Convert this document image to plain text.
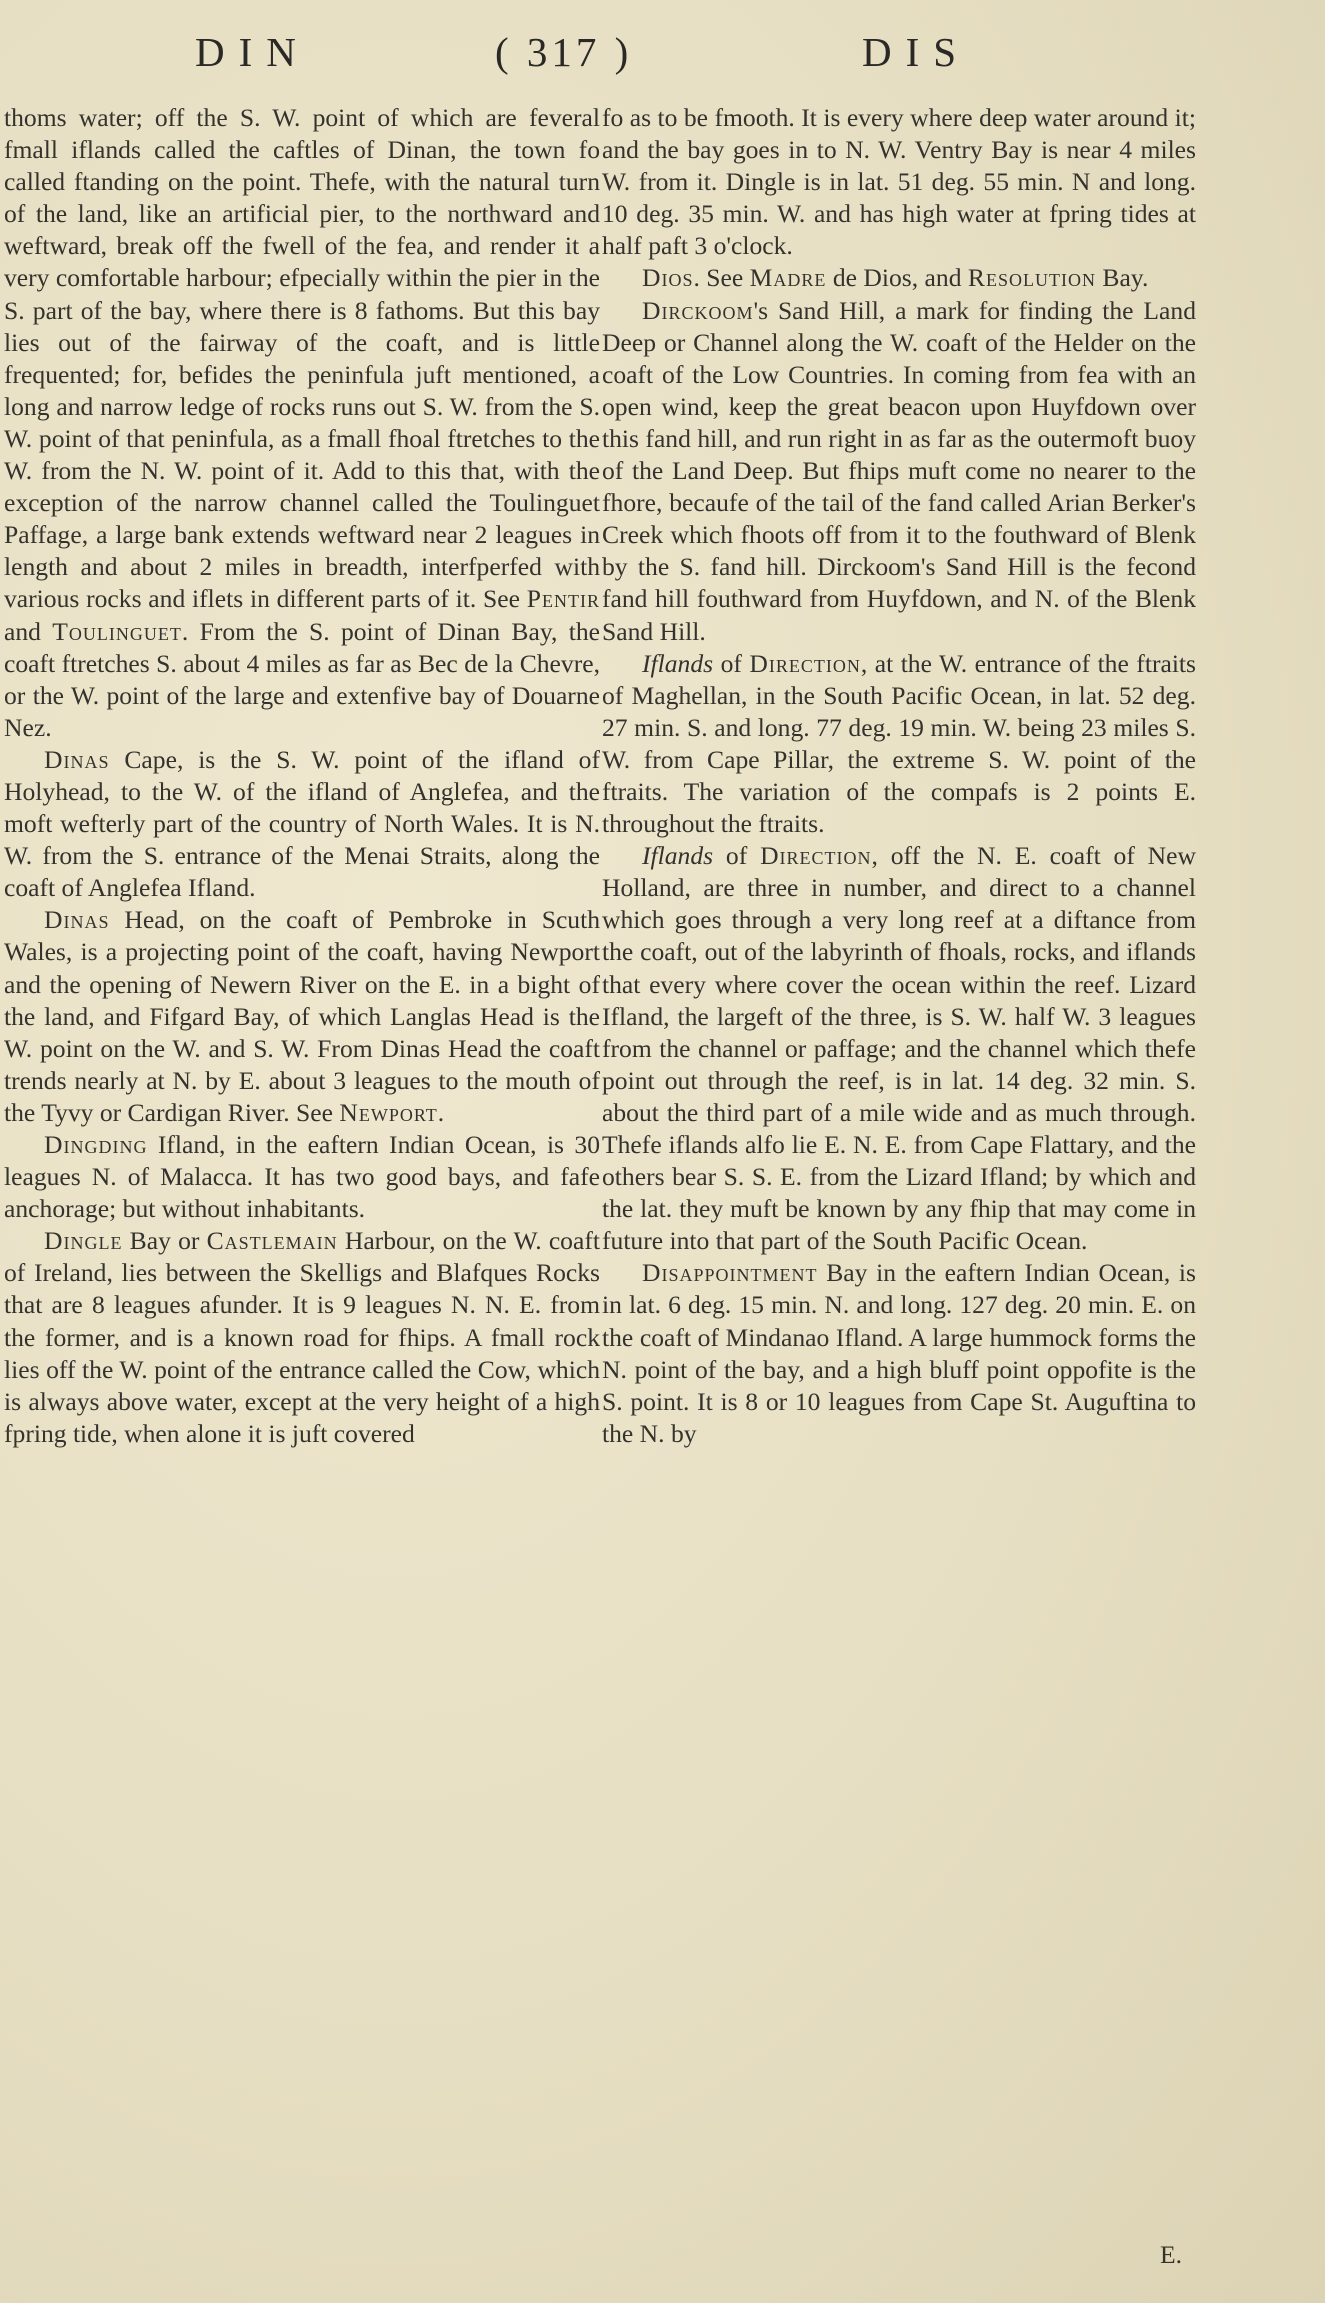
DIN	( 317 )	DIS

thoms water; off the S. W. point of which are feveral fmall iflands called the caftles of Dinan, the town fo called ftanding on the point. Thefe, with the natural turn of the land, like an artificial pier, to the northward and weftward, break off the fwell of the fea, and render it a very comfortable harbour; efpecially within the pier in the S. part of the bay, where there is 8 fathoms. But this bay lies out of the fairway of the coaft, and is little frequented; for, befides the peninfula juft mentioned, a long and narrow ledge of rocks runs out S. W. from the S. W. point of that peninfula, as a fmall fhoal ftretches to the W. from the N. W. point of it. Add to this that, with the exception of the narrow channel called the Toulinguet Paffage, a large bank extends weftward near 2 leagues in length and about 2 miles in breadth, interfperfed with various rocks and iflets in different parts of it. See Pentir and Toulinguet. From the S. point of Dinan Bay, the coaft ftretches S. about 4 miles as far as Bec de la Chevre, or the W. point of the large and extenfive bay of Douarne Nez.

Dinas Cape, is the S. W. point of the ifland of Holyhead, to the W. of the ifland of Anglefea, and the moft wefterly part of the country of North Wales. It is N. W. from the S. entrance of the Menai Straits, along the coaft of Anglefea Ifland.

Dinas Head, on the coaft of Pembroke in Scuth Wales, is a projecting point of the coaft, having Newport and the opening of Newern River on the E. in a bight of the land, and Fifgard Bay, of which Langlas Head is the W. point on the W. and S. W. From Dinas Head the coaft trends nearly at N. by E. about 3 leagues to the mouth of the Tyvy or Cardigan River. See Newport.

Dingding Ifland, in the eaftern Indian Ocean, is 30 leagues N. of Malacca. It has two good bays, and fafe anchorage; but without inhabitants.

Dingle Bay or Castlemain Harbour, on the W. coaft of Ireland, lies between the Skelligs and Blafques Rocks that are 8 leagues afunder. It is 9 leagues N. N. E. from the former, and is a known road for fhips. A fmall rock lies off the W. point of the entrance called the Cow, which is always above water, except at the very height of a high fpring tide, when alone it is juft covered

fo as to be fmooth. It is every where deep water around it; and the bay goes in to N. W. Ventry Bay is near 4 miles W. from it. Dingle is in lat. 51 deg. 55 min. N and long. 10 deg. 35 min. W. and has high water at fpring tides at half paft 3 o'clock.

Dios. See Madre de Dios, and Resolution Bay.

Dirckoom's Sand Hill, a mark for finding the Land Deep or Channel along the W. coaft of the Helder on the coaft of the Low Countries. In coming from fea with an open wind, keep the great beacon upon Huyfdown over this fand hill, and run right in as far as the outermoft buoy of the Land Deep. But fhips muft come no nearer to the fhore, becaufe of the tail of the fand called Arian Berker's Creek which fhoots off from it to the fouthward of Blenk by the S. fand hill. Dirckoom's Sand Hill is the fecond fand hill fouthward from Huyfdown, and N. of the Blenk Sand Hill.

Iflands of Direction, at the W. entrance of the ftraits of Maghellan, in the South Pacific Ocean, in lat. 52 deg. 27 min. S. and long. 77 deg. 19 min. W. being 23 miles S. W. from Cape Pillar, the extreme S. W. point of the ftraits. The variation of the compafs is 2 points E. throughout the ftraits.

Iflands of Direction, off the N. E. coaft of New Holland, are three in number, and direct to a channel which goes through a very long reef at a diftance from the coaft, out of the labyrinth of fhoals, rocks, and iflands that every where cover the ocean within the reef. Lizard Ifland, the largeft of the three, is S. W. half W. 3 leagues from the channel or paffage; and the channel which thefe point out through the reef, is in lat. 14 deg. 32 min. S. about the third part of a mile wide and as much through. Thefe iflands alfo lie E. N. E. from Cape Flattary, and the others bear S. S. E. from the Lizard Ifland; by which and the lat. they muft be known by any fhip that may come in future into that part of the South Pacific Ocean.

Disappointment Bay in the eaftern Indian Ocean, is in lat. 6 deg. 15 min. N. and long. 127 deg. 20 min. E. on the coaft of Mindanao Ifland. A large hummock forms the N. point of the bay, and a high bluff point oppofite is the S. point. It is 8 or 10 leagues from Cape St. Auguftina to the N. by

E.
